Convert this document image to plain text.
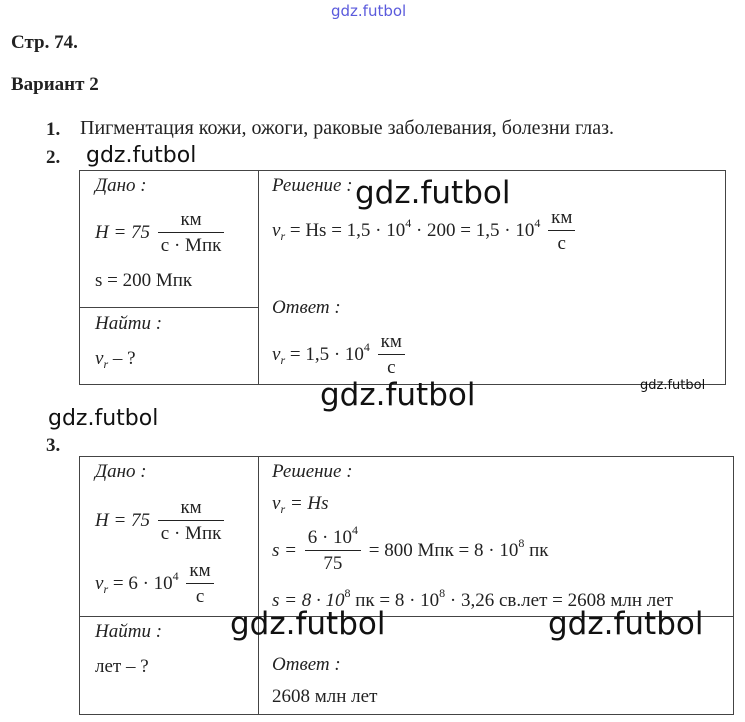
gdz.futbol
Стр. 74.
Вариант 2
1. Пигментация кожи, ожоги, раковые заболевания, болезни глаз.
2. gdz.futbol
Дано :
$H = 75 \frac{км}{\text{с · Мпк}}$
s = 200 Мпк
Найти :
$v_r$ – ?
Решение : gdz.futbol
$v_r = Hs = 1,5 \cdot 10^4 \cdot 200 = 1,5 \cdot 10^4 \frac{км}{с}$
Ответ :
$v_r = 1,5 \cdot 10^4 \frac{км}{с}$
gdz.futbol
gdz.futbol
gdz.futbol
3.
Дано :
$H = 75 \frac{км}{\text{с · Мпк}}$
$v_r = 6 \cdot 10^4 \frac{км}{с}$
Найти :
лет – ?
Решение :
$v_r = Hs$
$s = \frac{6 \cdot 10^4}{75} = 800$ Мпк = $8 \cdot 10^8$ пк
$s = 8 \cdot 10^8$ пк = $8 \cdot 10^8 \cdot 3,26$ св.лет = 2608 млн лет
Ответ :
2608 млн лет
gdz.futbol	gdz.futbol
